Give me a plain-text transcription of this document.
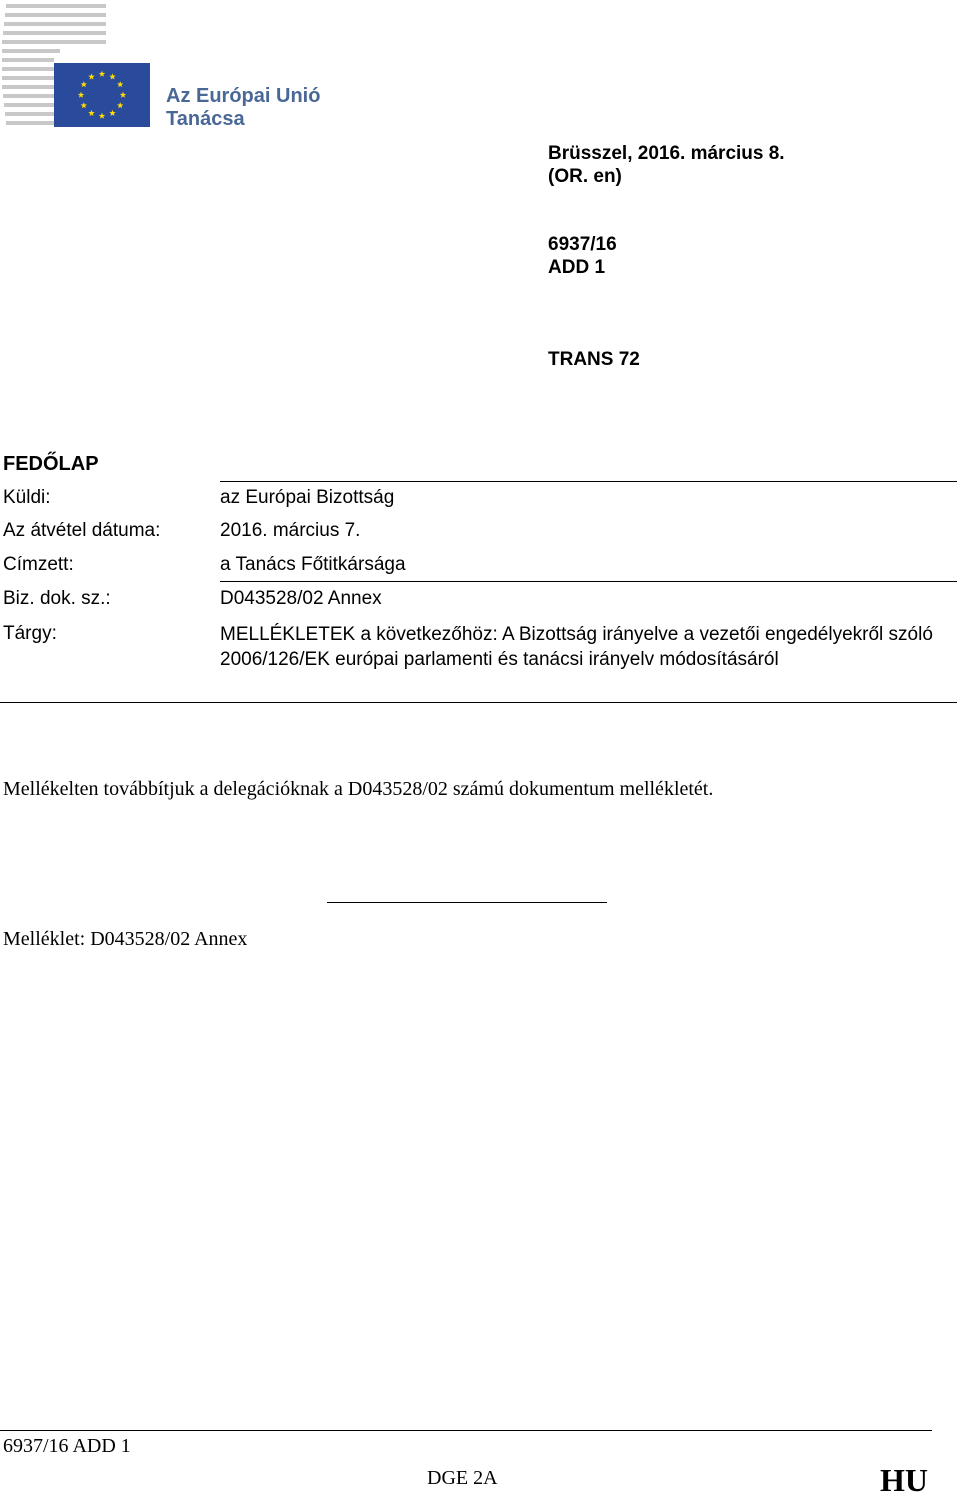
Az Európai Unió
Tanácsa
Brüsszel, 2016. március 8.
(OR. en)
6937/16
ADD 1
TRANS 72
FEDŐLAP
Küldi:	az Európai Bizottság
Az átvétel dátuma:	2016. március 7.
Címzett:	a Tanács Főtitkársága
Biz. dok. sz.:	D043528/02 Annex
Tárgy:	MELLÉKLETEK a következőhöz: A Bizottság irányelve a vezetői engedélyekről szóló 2006/126/EK európai parlamenti és tanácsi irányelv módosításáról
Mellékelten továbbítjuk a delegációknak a D043528/02 számú dokumentum mellékletét.
Melléklet: D043528/02 Annex
6937/16 ADD 1
DGE 2A	HU
